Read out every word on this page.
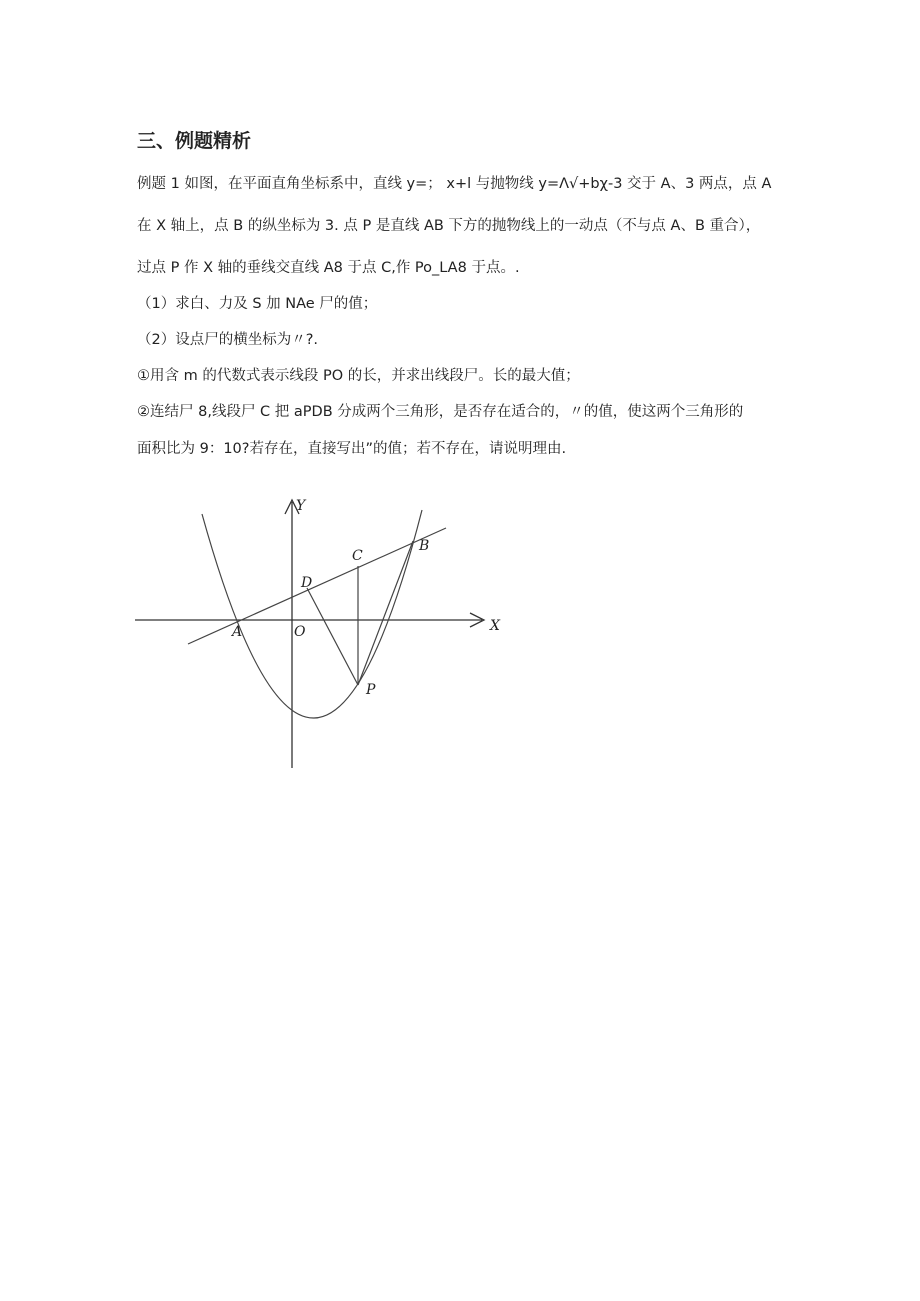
三、例题精析
例题 1 如图，在平面直角坐标系中，直线 y=； x+l 与抛物线 y=Λ√+bχ-3 交于 A、3 两点，点 A
在 X 轴上，点 B 的纵坐标为 3. 点 P 是直线 AB 下方的抛物线上的一动点（不与点 A、B 重合），
过点 P 作 X 轴的垂线交直线 A8 于点 C,作 Po_LA8 于点。.
（1）求白、力及 S 加 NAe 尸的值；
（2）设点尸的横坐标为〃?.
①用含 m 的代数式表示线段 PO 的长，并求出线段尸。长的最大值；
②连结尸 8,线段尸 C 把 aPDB 分成两个三角形，是否存在适合的，〃的值，使这两个三角形的
面积比为 9：10?若存在，直接写出”的值；若不存在，请说明理由.
Y
X
O
A
B
C
D
P
